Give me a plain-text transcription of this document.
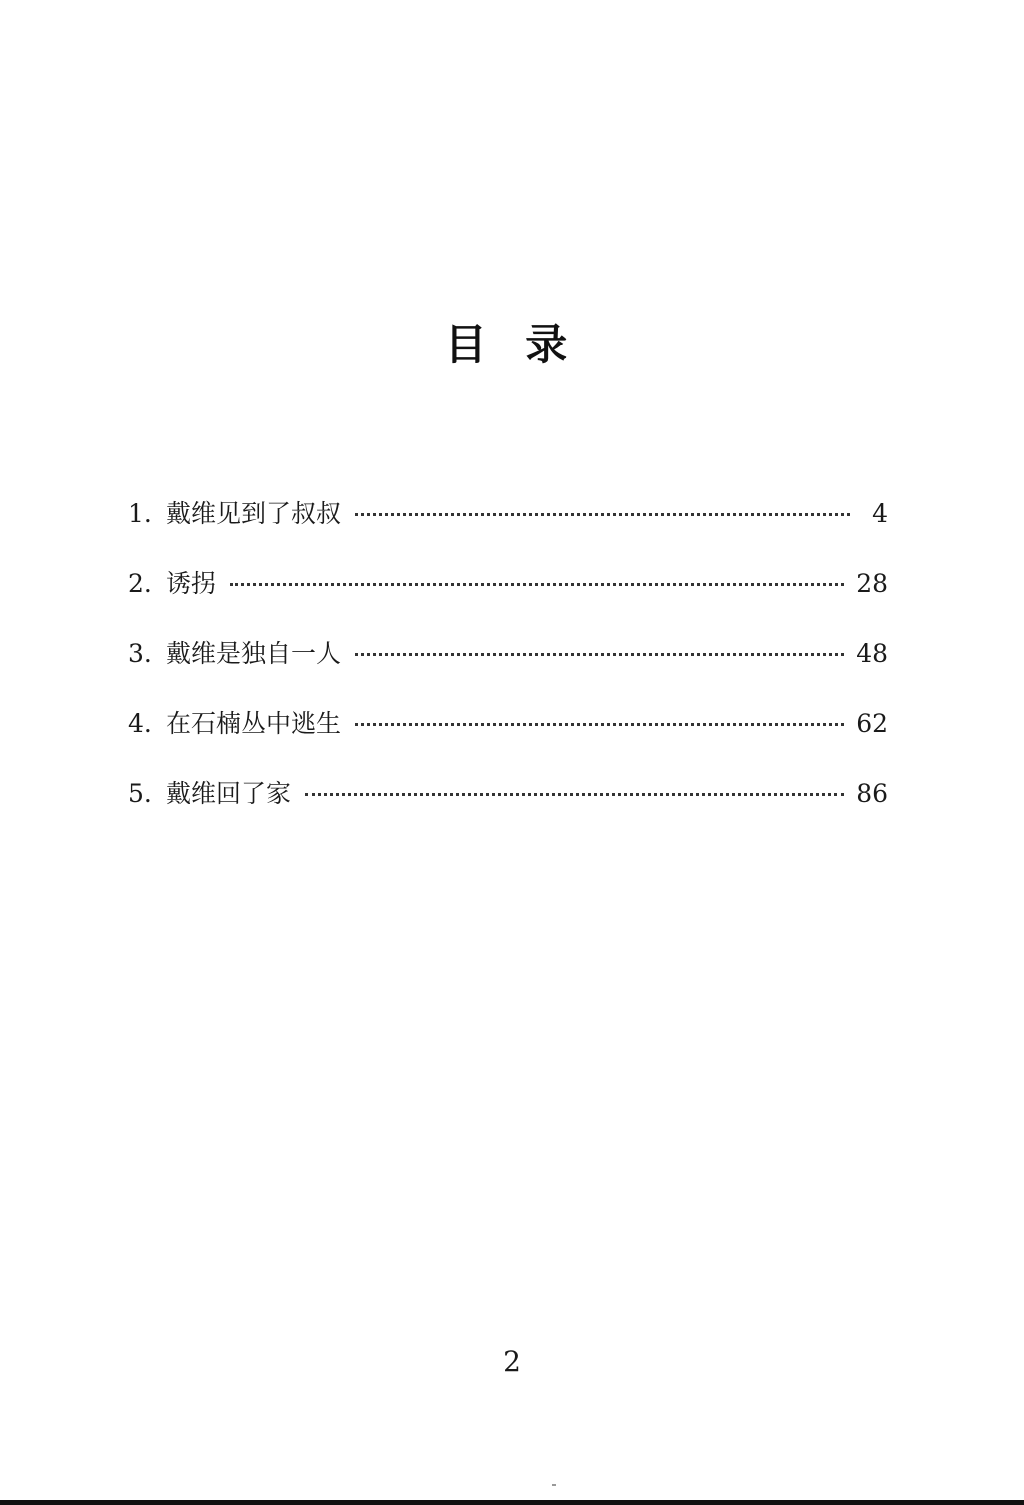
目 录
1. 戴维见到了叔叔	4
2. 诱拐	28
3. 戴维是独自一人	48
4. 在石楠丛中逃生	62
5. 戴维回了家	86
2
